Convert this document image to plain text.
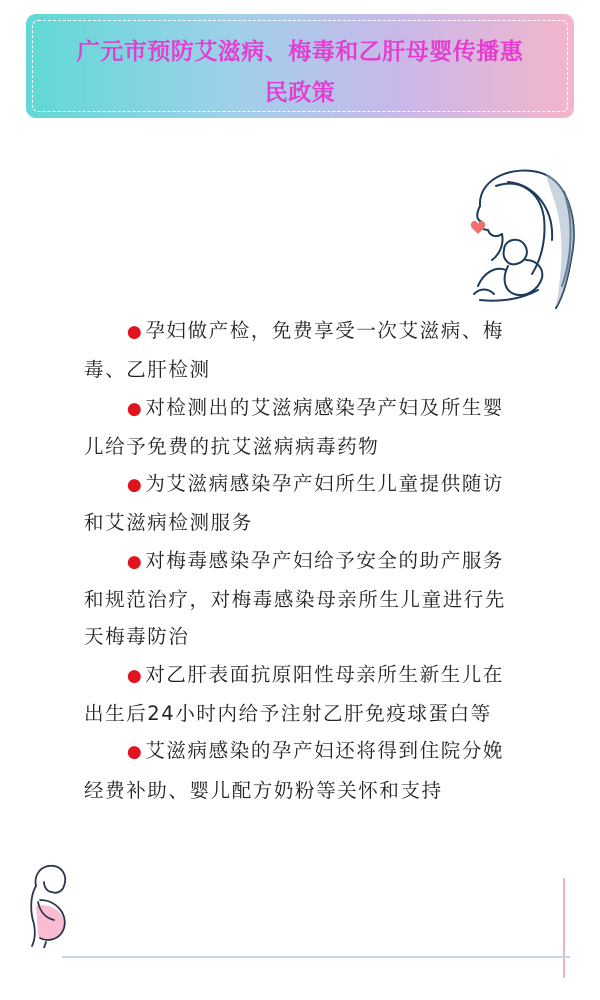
广元市预防艾滋病、梅毒和乙肝母婴传播惠民政策

● 孕妇做产检，免费享受一次艾滋病、梅毒、乙肝检测

● 对检测出的艾滋病感染孕产妇及所生婴儿给予免费的抗艾滋病病毒药物

● 为艾滋病感染孕产妇所生儿童提供随访和艾滋病检测服务

● 对梅毒感染孕产妇给予安全的助产服务和规范治疗，对梅毒感染母亲所生儿童进行先天梅毒防治

● 对乙肝表面抗原阳性母亲所生新生儿在出生后24小时内给予注射乙肝免疫球蛋白等

● 艾滋病感染的孕产妇还将得到住院分娩经费补助、婴儿配方奶粉等关怀和支持
